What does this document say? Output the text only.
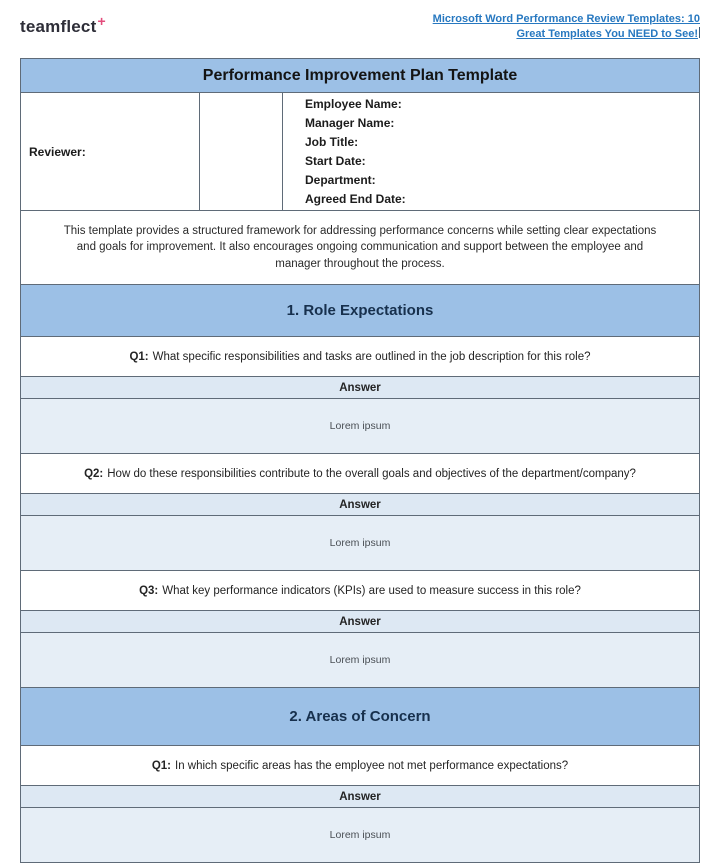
teamflect+	Microsoft Word Performance Review Templates: 10
Great Templates You NEED to See!
Performance Improvement Plan Template
Reviewer:
Employee Name:
Manager Name:
Job Title:
Start Date:
Department:
Agreed End Date:
This template provides a structured framework for addressing performance concerns while setting clear expectations and goals for improvement. It also encourages ongoing communication and support between the employee and manager throughout the process.
1. Role Expectations
Q1: What specific responsibilities and tasks are outlined in the job description for this role?
Answer
Lorem ipsum
Q2: How do these responsibilities contribute to the overall goals and objectives of the department/company?
Answer
Lorem ipsum
Q3: What key performance indicators (KPIs) are used to measure success in this role?
Answer
Lorem ipsum
2. Areas of Concern
Q1: In which specific areas has the employee not met performance expectations?
Answer
Lorem ipsum
